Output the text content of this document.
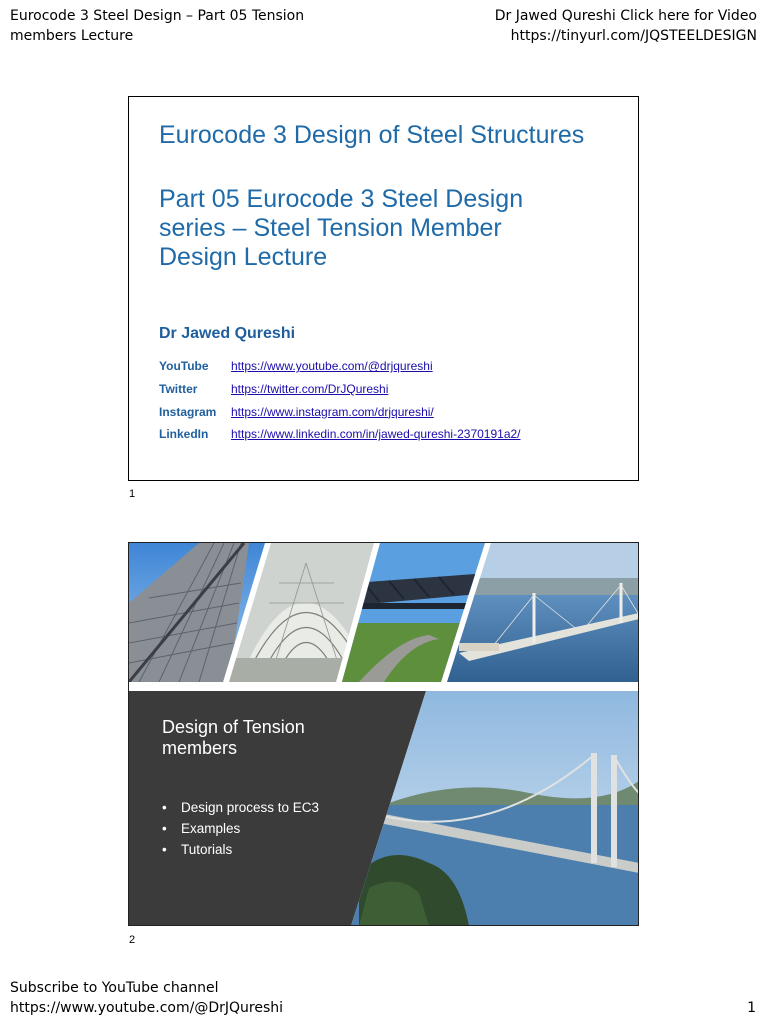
Eurocode 3 Steel Design – Part 05 Tension members Lecture
Dr Jawed Qureshi Click here for Video
https://tinyurl.com/JQSTEELDESIGN
Eurocode 3 Design of Steel Structures
Part 05 Eurocode 3 Steel Design series – Steel Tension Member Design Lecture
Dr Jawed Qureshi
YouTube	https://www.youtube.com/@drjqureshi
Twitter	https://twitter.com/DrJQureshi
Instagram	https://www.instagram.com/drjqureshi/
LinkedIn	https://www.linkedin.com/in/jawed-qureshi-2370191a2/
1
Design of Tension members
• Design process to EC3
• Examples
• Tutorials
2
Subscribe to YouTube channel
https://www.youtube.com/@DrJQureshi	1
